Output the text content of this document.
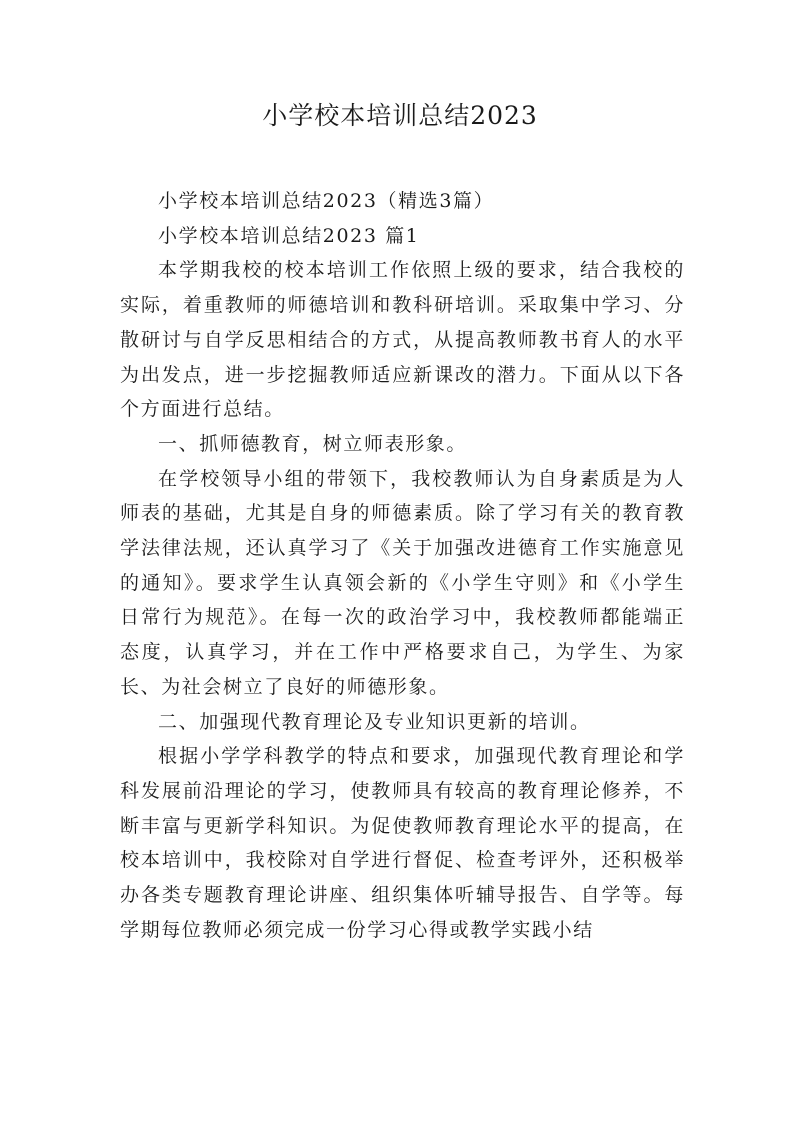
小学校本培训总结2023

小学校本培训总结2023（精选3篇）

小学校本培训总结2023 篇1

本学期我校的校本培训工作依照上级的要求，结合我校的实际，着重教师的师德培训和教科研培训。采取集中学习、分散研讨与自学反思相结合的方式，从提高教师教书育人的水平为出发点，进一步挖掘教师适应新课改的潜力。下面从以下各个方面进行总结。

一、抓师德教育，树立师表形象。

在学校领导小组的带领下，我校教师认为自身素质是为人师表的基础，尤其是自身的师德素质。除了学习有关的教育教学法律法规，还认真学习了《关于加强改进德育工作实施意见的通知》。要求学生认真领会新的《小学生守则》和《小学生日常行为规范》。在每一次的政治学习中，我校教师都能端正态度，认真学习，并在工作中严格要求自己，为学生、为家长、为社会树立了良好的师德形象。

二、加强现代教育理论及专业知识更新的培训。

根据小学学科教学的特点和要求，加强现代教育理论和学科发展前沿理论的学习，使教师具有较高的教育理论修养，不断丰富与更新学科知识。为促使教师教育理论水平的提高，在校本培训中，我校除对自学进行督促、检查考评外，还积极举办各类专题教育理论讲座、组织集体听辅导报告、自学等。每学期每位教师必须完成一份学习心得或教学实践小结
